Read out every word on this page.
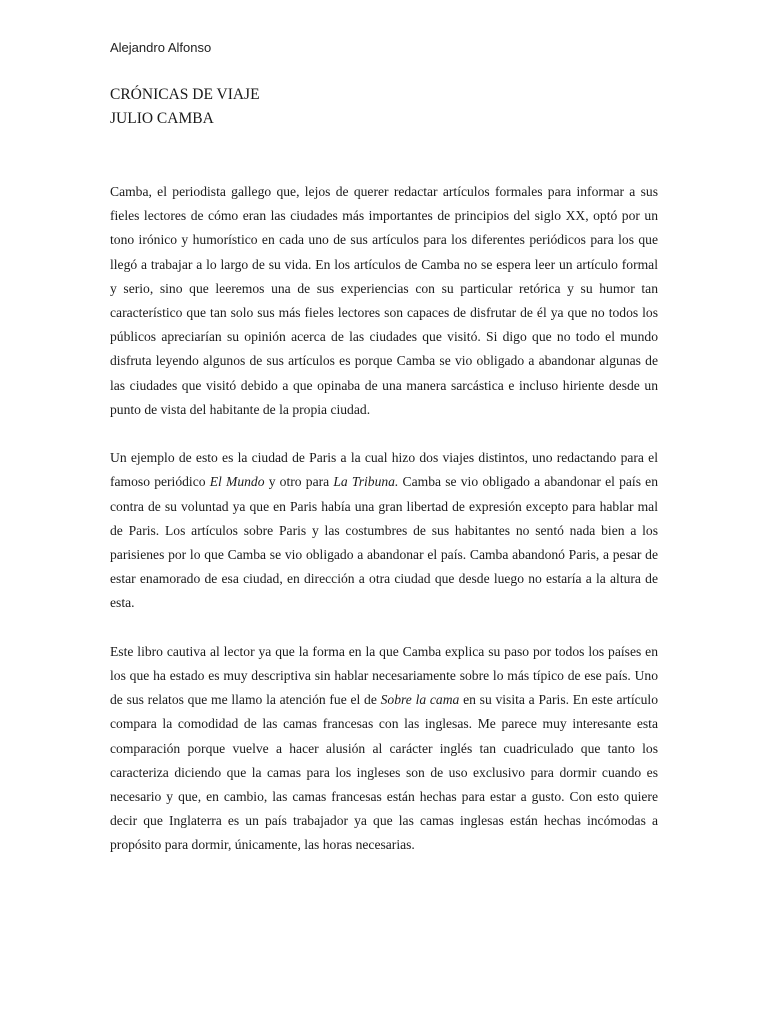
Alejandro Alfonso
CRÓNICAS DE VIAJE
JULIO CAMBA

Camba, el periodista gallego que, lejos de querer redactar artículos formales para informar a sus fieles lectores de cómo eran las ciudades más importantes de principios del siglo XX, optó por un tono irónico y humorístico en cada uno de sus artículos para los diferentes periódicos para los que llegó a trabajar a lo largo de su vida. En los artículos de Camba no se espera leer un artículo formal y serio, sino que leeremos una de sus experiencias con su particular retórica y su humor tan característico que tan solo sus más fieles lectores son capaces de disfrutar de él ya que no todos los públicos apreciarían su opinión acerca de las ciudades que visitó. Si digo que no todo el mundo disfruta leyendo algunos de sus artículos es porque Camba se vio obligado a abandonar algunas de las ciudades que visitó debido a que opinaba de una manera sarcástica e incluso hiriente desde un punto de vista del habitante de la propia ciudad.

Un ejemplo de esto es la ciudad de Paris a la cual hizo dos viajes distintos, uno redactando para el famoso periódico El Mundo y otro para La Tribuna. Camba se vio obligado a abandonar el país en contra de su voluntad ya que en Paris había una gran libertad de expresión excepto para hablar mal de Paris. Los artículos sobre Paris y las costumbres de sus habitantes no sentó nada bien a los parisienes por lo que Camba se vio obligado a abandonar el país. Camba abandonó Paris, a pesar de estar enamorado de esa ciudad, en dirección a otra ciudad que desde luego no estaría a la altura de esta.

Este libro cautiva al lector ya que la forma en la que Camba explica su paso por todos los países en los que ha estado es muy descriptiva sin hablar necesariamente sobre lo más típico de ese país. Uno de sus relatos que me llamo la atención fue el de Sobre la cama en su visita a Paris. En este artículo compara la comodidad de las camas francesas con las inglesas. Me parece muy interesante esta comparación porque vuelve a hacer alusión al carácter inglés tan cuadriculado que tanto los caracteriza diciendo que la camas para los ingleses son de uso exclusivo para dormir cuando es necesario y que, en cambio, las camas francesas están hechas para estar a gusto. Con esto quiere decir que Inglaterra es un país trabajador ya que las camas inglesas están hechas incómodas a propósito para dormir, únicamente, las horas necesarias.
